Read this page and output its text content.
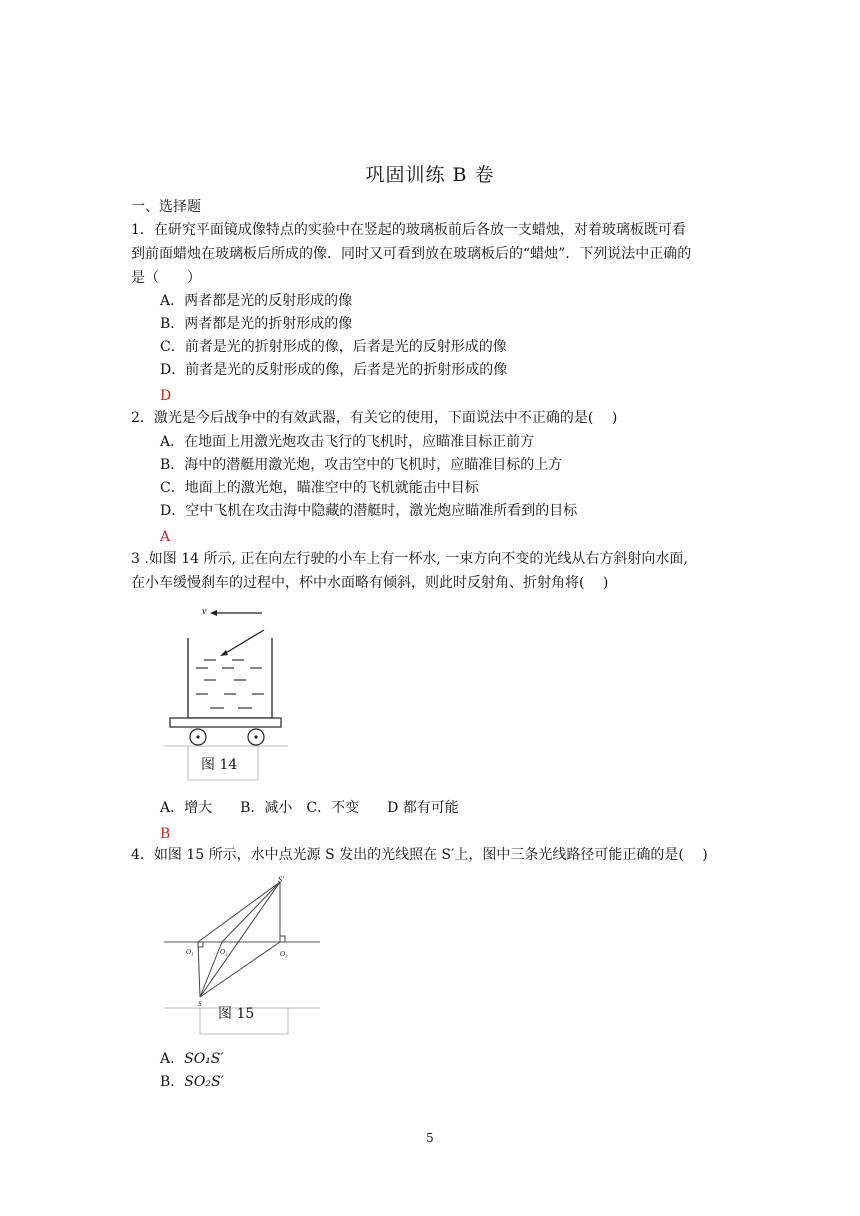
巩固训练 B 卷
一、选择题
1．在研究平面镜成像特点的实验中在竖起的玻璃板前后各放一支蜡烛，对着玻璃板既可看
到前面蜡烛在玻璃板后所成的像．同时又可看到放在玻璃板后的“蜡烛”．下列说法中正确的
是（　　）
A．两者都是光的反射形成的像
B．两者都是光的折射形成的像
C．前者是光的折射形成的像，后者是光的反射形成的像
D．前者是光的反射形成的像，后者是光的折射形成的像
D
2．激光是今后战争中的有效武器，有关它的使用，下面说法中不正确的是(　 )
A．在地面上用激光炮攻击飞行的飞机时，应瞄准目标正前方
B．海中的潜艇用激光炮，攻击空中的飞机时，应瞄准目标的上方
C．地面上的激光炮，瞄准空中的飞机就能击中目标
D．空中飞机在攻击海中隐藏的潜艇时，激光炮应瞄准所看到的目标
A
3 .如图 14 所示, 正在向左行驶的小车上有一杯水, 一束方向不变的光线从右方斜射向水面,
在小车缓慢刹车的过程中，杯中水面略有倾斜，则此时反射角、折射角将(　 )
v
图 14
A．增大　　B．减小　C．不变　　D 都有可能
B
4．如图 15 所示，水中点光源 S 发出的光线照在 S′上，图中三条光线路径可能正确的是(　 )
S′
O₁	O₂	O₃
S
图 15
A．SO₁S′
B．SO₂S′
5
